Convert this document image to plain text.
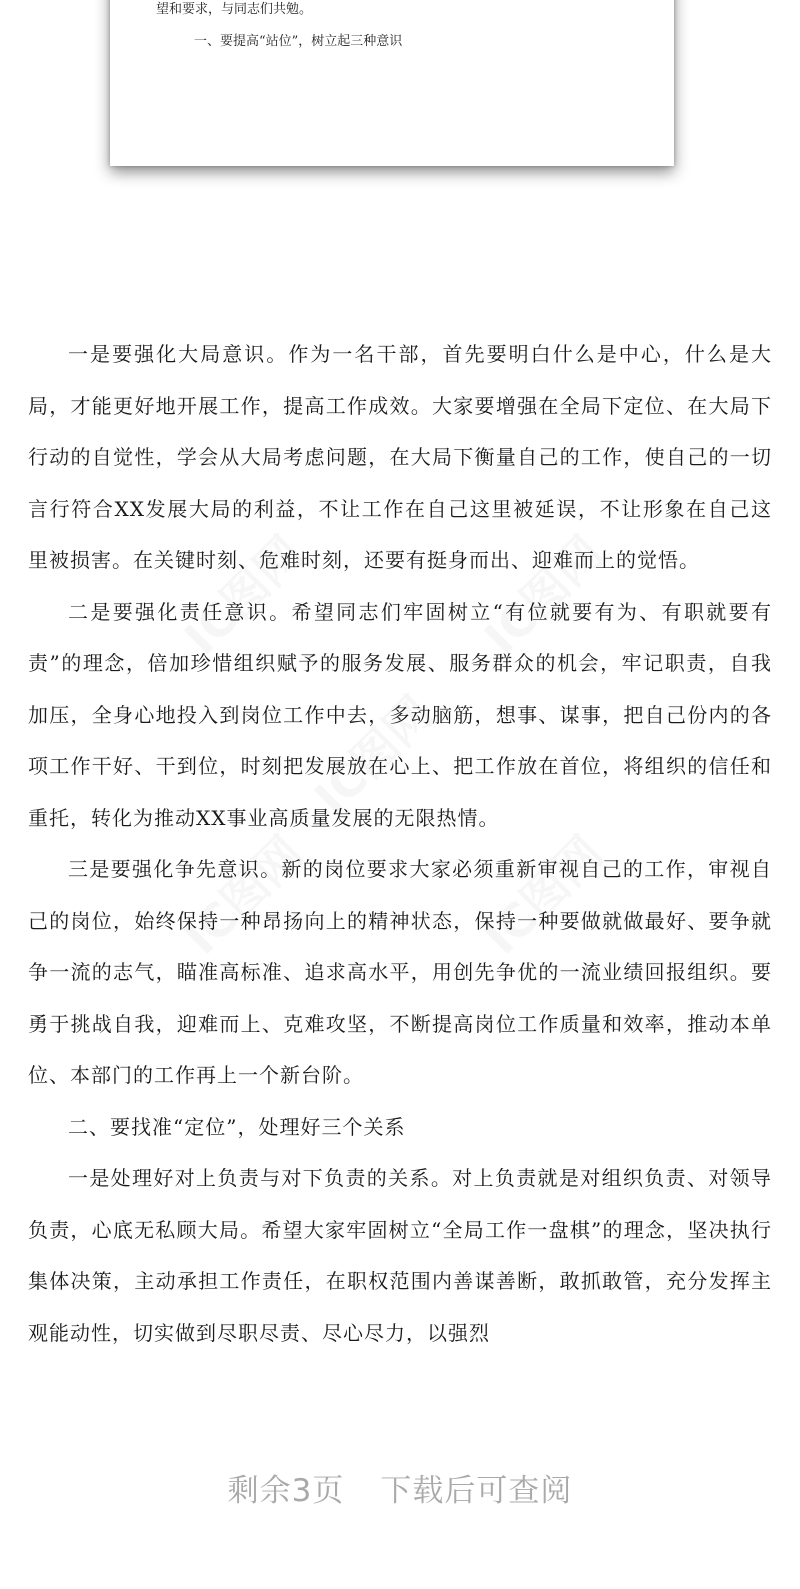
望和要求，与同志们共勉。
一、要提高“站位”，树立起三种意识

一是要强化大局意识。作为一名干部，首先要明白什么是中心，什么是大局，才能更好地开展工作，提高工作成效。大家要增强在全局下定位、在大局下行动的自觉性，学会从大局考虑问题，在大局下衡量自己的工作，使自己的一切言行符合XX发展大局的利益，不让工作在自己这里被延误，不让形象在自己这里被损害。在关键时刻、危难时刻，还要有挺身而出、迎难而上的觉悟。

二是要强化责任意识。希望同志们牢固树立“有位就要有为、有职就要有责”的理念，倍加珍惜组织赋予的服务发展、服务群众的机会，牢记职责，自我加压，全身心地投入到岗位工作中去，多动脑筋，想事、谋事，把自己份内的各项工作干好、干到位，时刻把发展放在心上、把工作放在首位，将组织的信任和重托，转化为推动XX事业高质量发展的无限热情。

三是要强化争先意识。新的岗位要求大家必须重新审视自己的工作，审视自己的岗位，始终保持一种昂扬向上的精神状态，保持一种要做就做最好、要争就争一流的志气，瞄准高标准、追求高水平，用创先争优的一流业绩回报组织。要勇于挑战自我，迎难而上、克难攻坚，不断提高岗位工作质量和效率，推动本单位、本部门的工作再上一个新台阶。

二、要找准“定位”，处理好三个关系

一是处理好对上负责与对下负责的关系。对上负责就是对组织负责、对领导负责，心底无私顾大局。希望大家牢固树立“全局工作一盘棋”的理念，坚决执行集体决策，主动承担工作责任，在职权范围内善谋善断，敢抓敢管，充分发挥主观能动性，切实做到尽职尽责、尽心尽力，以强烈

剩余3页 下载后可查阅
